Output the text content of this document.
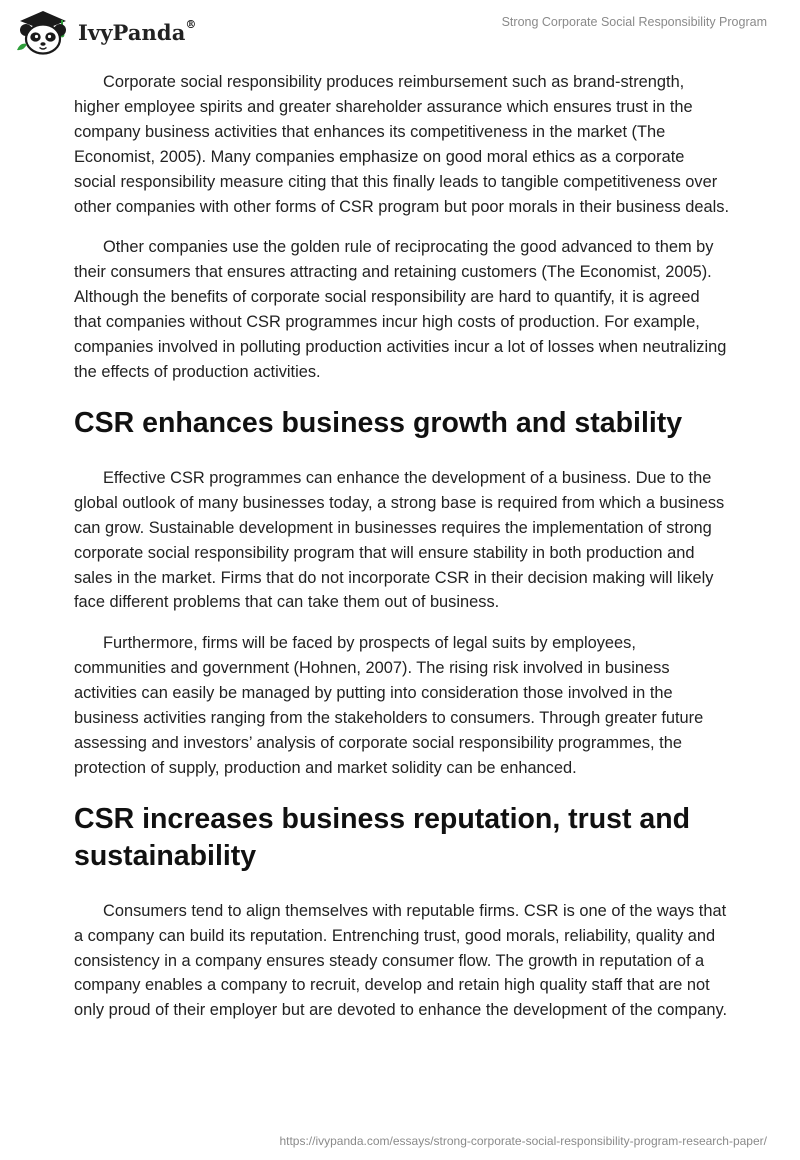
IvyPanda®	Strong Corporate Social Responsibility Program

Corporate social responsibility produces reimbursement such as brand-strength, higher employee spirits and greater shareholder assurance which ensures trust in the company business activities that enhances its competitiveness in the market (The Economist, 2005). Many companies emphasize on good moral ethics as a corporate social responsibility measure citing that this finally leads to tangible competitiveness over other companies with other forms of CSR program but poor morals in their business deals.

Other companies use the golden rule of reciprocating the good advanced to them by their consumers that ensures attracting and retaining customers (The Economist, 2005). Although the benefits of corporate social responsibility are hard to quantify, it is agreed that companies without CSR programmes incur high costs of production. For example, companies involved in polluting production activities incur a lot of losses when neutralizing the effects of production activities.

CSR enhances business growth and stability

Effective CSR programmes can enhance the development of a business. Due to the global outlook of many businesses today, a strong base is required from which a business can grow. Sustainable development in businesses requires the implementation of strong corporate social responsibility program that will ensure stability in both production and sales in the market. Firms that do not incorporate CSR in their decision making will likely face different problems that can take them out of business.

Furthermore, firms will be faced by prospects of legal suits by employees, communities and government (Hohnen, 2007). The rising risk involved in business activities can easily be managed by putting into consideration those involved in the business activities ranging from the stakeholders to consumers. Through greater future assessing and investors’ analysis of corporate social responsibility programmes, the protection of supply, production and market solidity can be enhanced.

CSR increases business reputation, trust and sustainability

Consumers tend to align themselves with reputable firms. CSR is one of the ways that a company can build its reputation. Entrenching trust, good morals, reliability, quality and consistency in a company ensures steady consumer flow. The growth in reputation of a company enables a company to recruit, develop and retain high quality staff that are not only proud of their employer but are devoted to enhance the development of the company.

https://ivypanda.com/essays/strong-corporate-social-responsibility-program-research-paper/
